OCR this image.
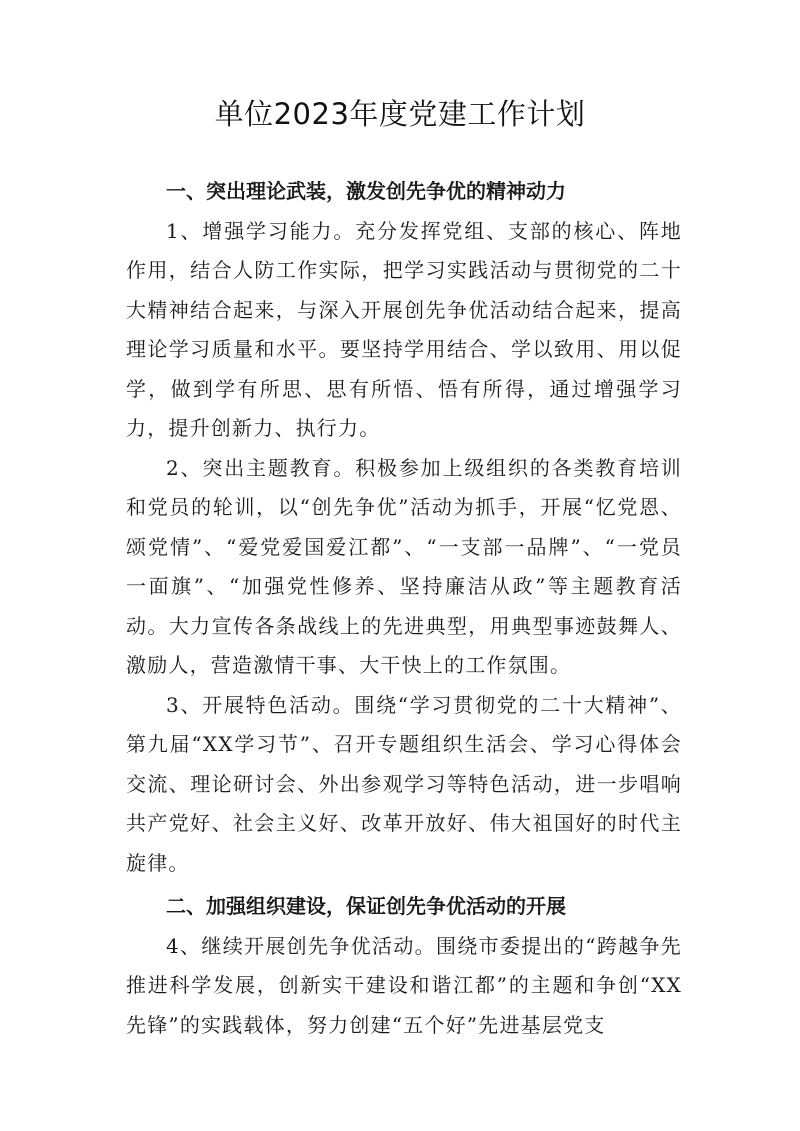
单位2023年度党建工作计划

一、突出理论武装，激发创先争优的精神动力

1、增强学习能力。充分发挥党组、支部的核心、阵地作用，结合人防工作实际，把学习实践活动与贯彻党的二十大精神结合起来，与深入开展创先争优活动结合起来，提高理论学习质量和水平。要坚持学用结合、学以致用、用以促学，做到学有所思、思有所悟、悟有所得，通过增强学习力，提升创新力、执行力。

2、突出主题教育。积极参加上级组织的各类教育培训和党员的轮训，以“创先争优”活动为抓手，开展“忆党恩、颂党情”、“爱党爱国爱江都”、“一支部一品牌”、“一党员一面旗”、“加强党性修养、坚持廉洁从政”等主题教育活动。大力宣传各条战线上的先进典型，用典型事迹鼓舞人、激励人，营造激情干事、大干快上的工作氛围。

3、开展特色活动。围绕“学习贯彻党的二十大精神”、第九届“XX学习节”、召开专题组织生活会、学习心得体会交流、理论研讨会、外出参观学习等特色活动，进一步唱响共产党好、社会主义好、改革开放好、伟大祖国好的时代主旋律。

二、加强组织建设，保证创先争优活动的开展

4、继续开展创先争优活动。围绕市委提出的“跨越争先推进科学发展，创新实干建设和谐江都”的主题和争创“XX先锋”的实践载体，努力创建“五个好”先进基层党支
